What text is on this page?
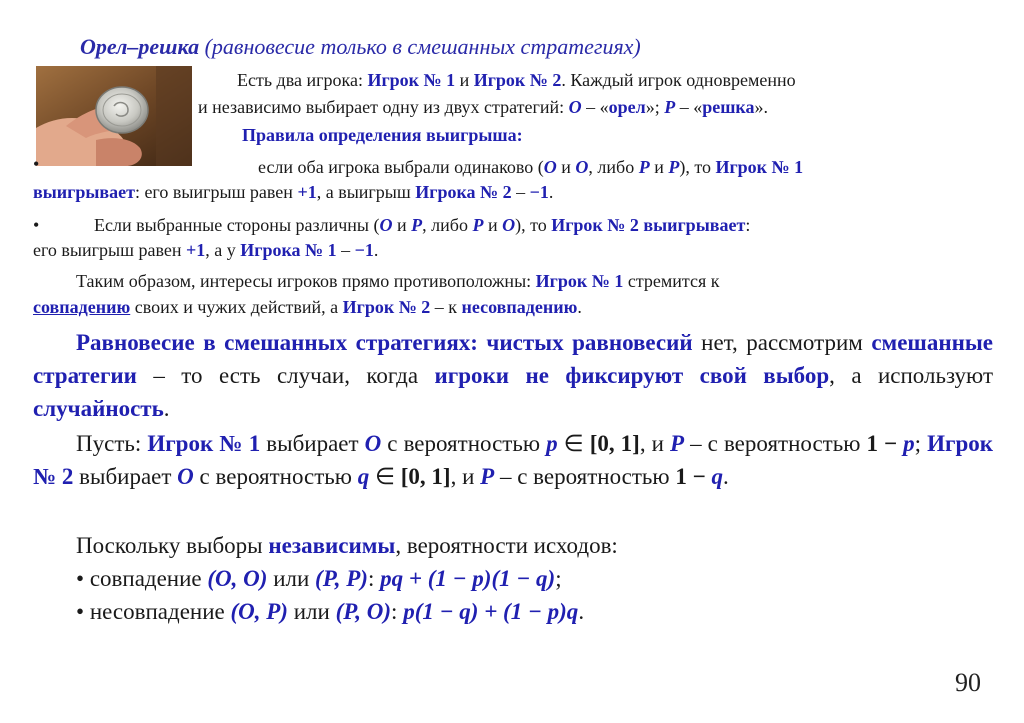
Орел–решка (равновесие только в смешанных стратегиях)
Есть два игрока: Игрок № 1 и Игрок № 2. Каждый игрок одновременно
и независимо выбирает одну из двух стратегий: О – «орел»; Р – «решка».
Правила определения выигрыша:
•	если оба игрока выбрали одинаково (О и О, либо Р и Р), то Игрок № 1
выигрывает: его выигрыш равен +1, а выигрыш Игрока № 2 – −1.
•	Если выбранные стороны различны (О и Р, либо Р и О), то Игрок № 2 выигрывает:
его выигрыш равен +1, а у Игрока № 1 – −1.
Таким образом, интересы игроков прямо противоположны: Игрок № 1 стремится к
совпадению своих и чужих действий, а Игрок № 2 – к несовпадению.
Равновесие в смешанных стратегиях: чистых равновесий нет, рассмотрим смешанные стратегии – то есть случаи, когда игроки не фиксируют свой выбор, а используют случайность.
Пусть: Игрок № 1 выбирает О с вероятностью p ∈ [0, 1], и Р – с вероятностью 1 − p; Игрок № 2 выбирает О с вероятностью q ∈ [0, 1], и Р – с вероятностью 1 − q.
Поскольку выборы независимы, вероятности исходов:
• совпадение (О, О) или (Р, Р): pq + (1 − p)(1 − q);
• несовпадение (О, Р) или (Р, О): p(1 − q) + (1 − p)q.
90
